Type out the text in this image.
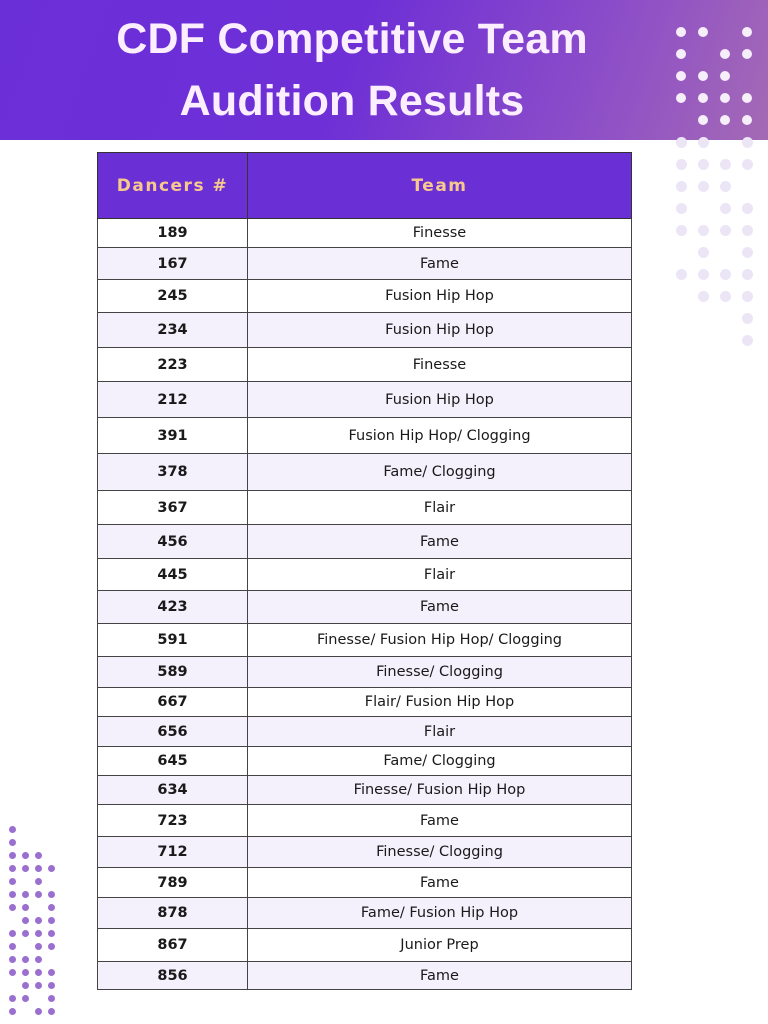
CDF Competitive Team
Audition Results
Dancers #	Team
189	Finesse
167	Fame
245	Fusion Hip Hop
234	Fusion Hip Hop
223	Finesse
212	Fusion Hip Hop
391	Fusion Hip Hop/ Clogging
378	Fame/ Clogging
367	Flair
456	Fame
445	Flair
423	Fame
591	Finesse/ Fusion Hip Hop/ Clogging
589	Finesse/ Clogging
667	Flair/ Fusion Hip Hop
656	Flair
645	Fame/ Clogging
634	Finesse/ Fusion Hip Hop
723	Fame
712	Finesse/ Clogging
789	Fame
878	Fame/ Fusion Hip Hop
867	Junior Prep
856	Fame
